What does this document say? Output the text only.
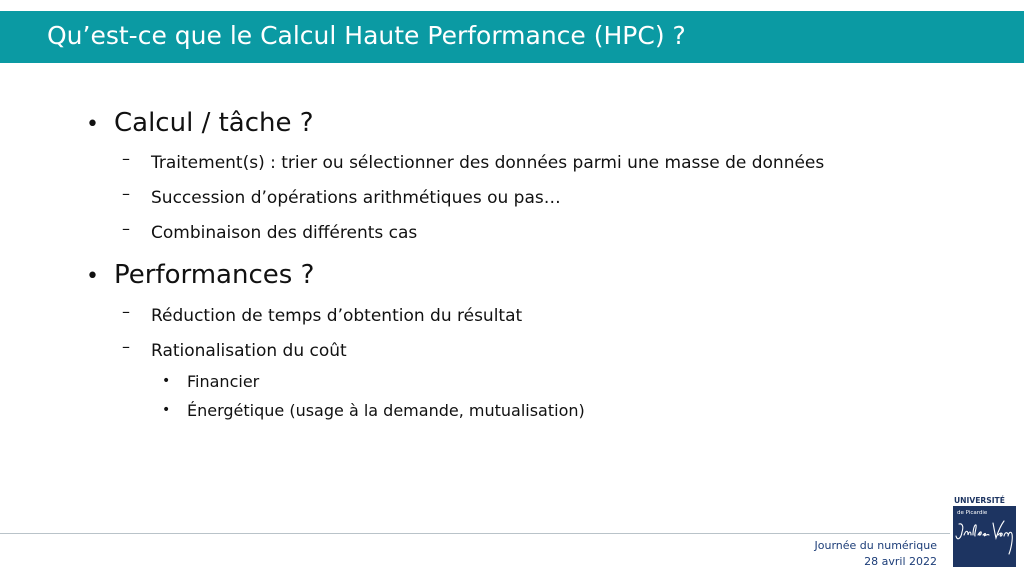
Qu’est-ce que le Calcul Haute Performance (HPC) ?
• Calcul / tâche ?
– Traitement(s) : trier ou sélectionner des données parmi une masse de données
– Succession d’opérations arithmétiques ou pas…
– Combinaison des différents cas
• Performances ?
– Réduction de temps d’obtention du résultat
– Rationalisation du coût
• Financier
• Énergétique (usage à la demande, mutualisation)
Journée du numérique
28 avril 2022
UNIVERSITÉ
de Picardie
